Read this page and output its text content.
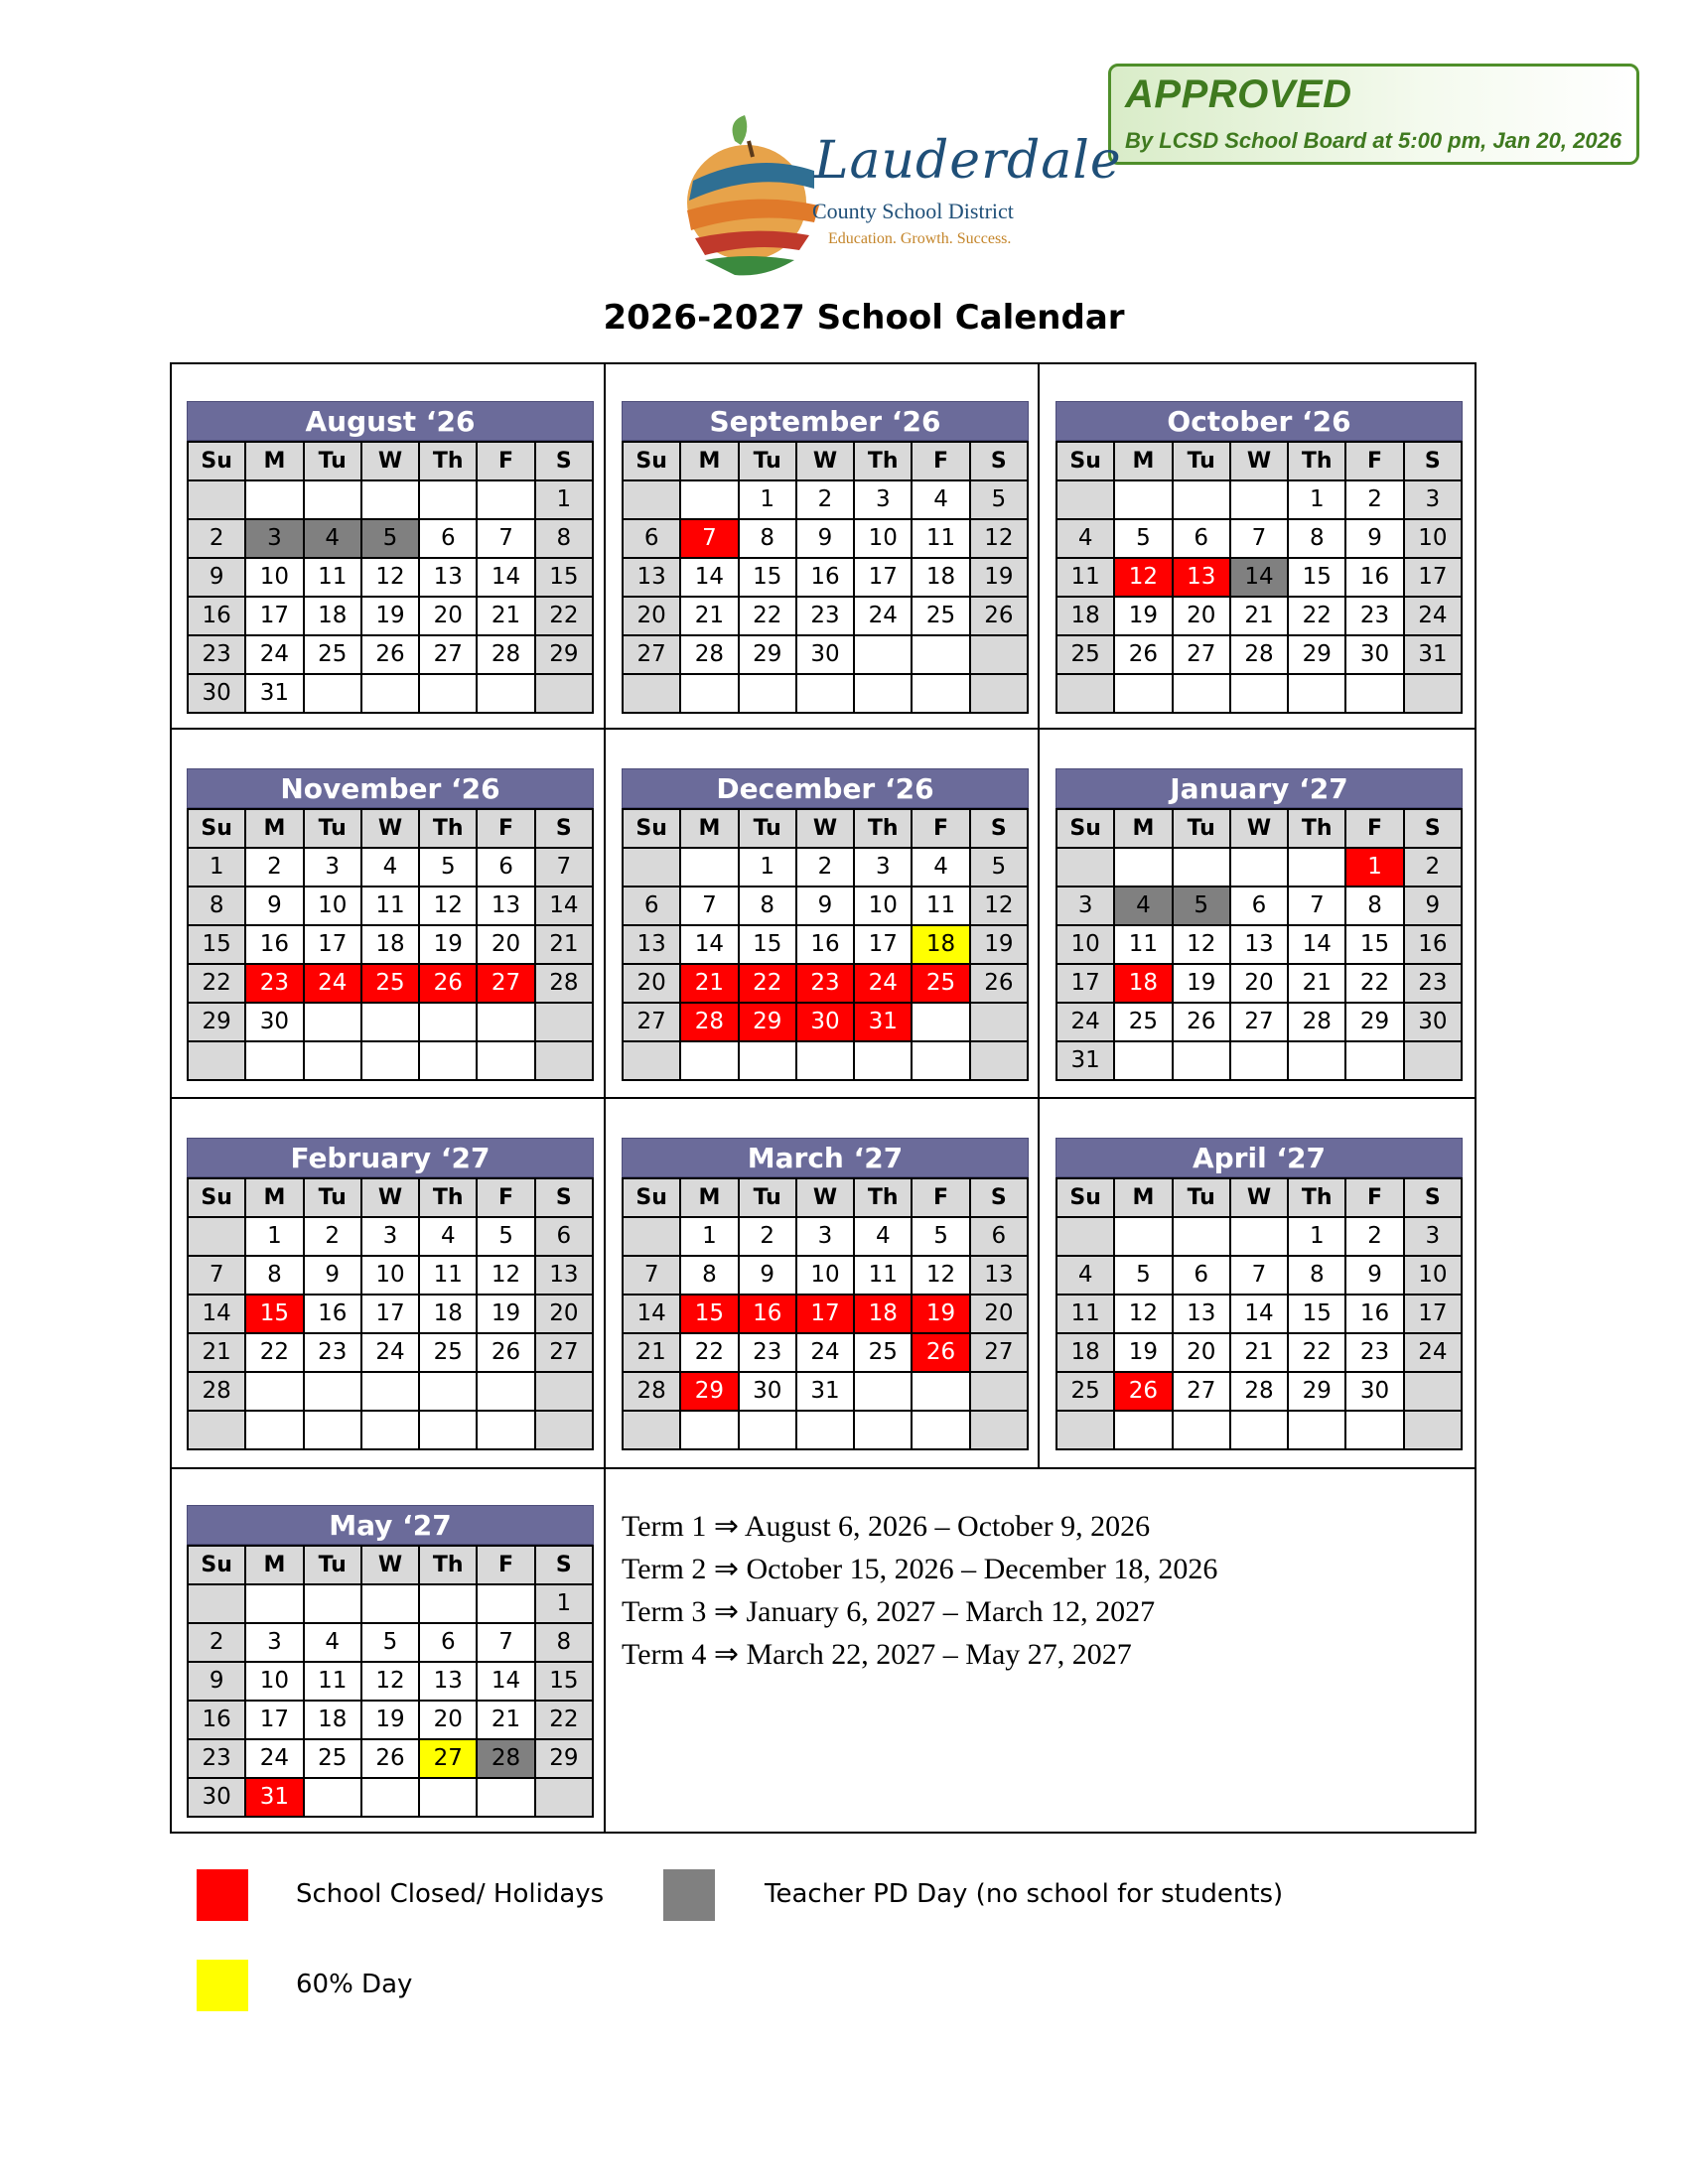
APPROVED
By LCSD School Board at 5:00 pm, Jan 20, 2026
Lauderdale
County School District
Education. Growth. Success.
2026-2027 School Calendar
August ‘26
Su	M	Tu	W	Th	F	S
						1
2	3	4	5	6	7	8
9	10	11	12	13	14	15
16	17	18	19	20	21	22
23	24	25	26	27	28	29
30	31					
September ‘26
Su	M	Tu	W	Th	F	S
		1	2	3	4	5
6	7	8	9	10	11	12
13	14	15	16	17	18	19
20	21	22	23	24	25	26
27	28	29	30			

October ‘26
Su	M	Tu	W	Th	F	S
				1	2	3
4	5	6	7	8	9	10
11	12	13	14	15	16	17
18	19	20	21	22	23	24
25	26	27	28	29	30	31

November ‘26
Su	M	Tu	W	Th	F	S
1	2	3	4	5	6	7
8	9	10	11	12	13	14
15	16	17	18	19	20	21
22	23	24	25	26	27	28
29	30					

December ‘26
Su	M	Tu	W	Th	F	S
		1	2	3	4	5
6	7	8	9	10	11	12
13	14	15	16	17	18	19
20	21	22	23	24	25	26
27	28	29	30	31		

January ‘27
Su	M	Tu	W	Th	F	S
					1	2
3	4	5	6	7	8	9
10	11	12	13	14	15	16
17	18	19	20	21	22	23
24	25	26	27	28	29	30
31						
February ‘27
Su	M	Tu	W	Th	F	S
	1	2	3	4	5	6
7	8	9	10	11	12	13
14	15	16	17	18	19	20
21	22	23	24	25	26	27
28						

March ‘27
Su	M	Tu	W	Th	F	S
	1	2	3	4	5	6
7	8	9	10	11	12	13
14	15	16	17	18	19	20
21	22	23	24	25	26	27
28	29	30	31			

April ‘27
Su	M	Tu	W	Th	F	S
				1	2	3
4	5	6	7	8	9	10
11	12	13	14	15	16	17
18	19	20	21	22	23	24
25	26	27	28	29	30	

May ‘27
Su	M	Tu	W	Th	F	S
						1
2	3	4	5	6	7	8
9	10	11	12	13	14	15
16	17	18	19	20	21	22
23	24	25	26	27	28	29
30	31					
Term 1 ⇒ August 6, 2026 – October 9, 2026
Term 2 ⇒ October 15, 2026 – December 18, 2026
Term 3 ⇒ January 6, 2027 – March 12, 2027
Term 4 ⇒ March 22, 2027 – May 27, 2027
School Closed/ Holidays	Teacher PD Day (no school for students)
60% Day
